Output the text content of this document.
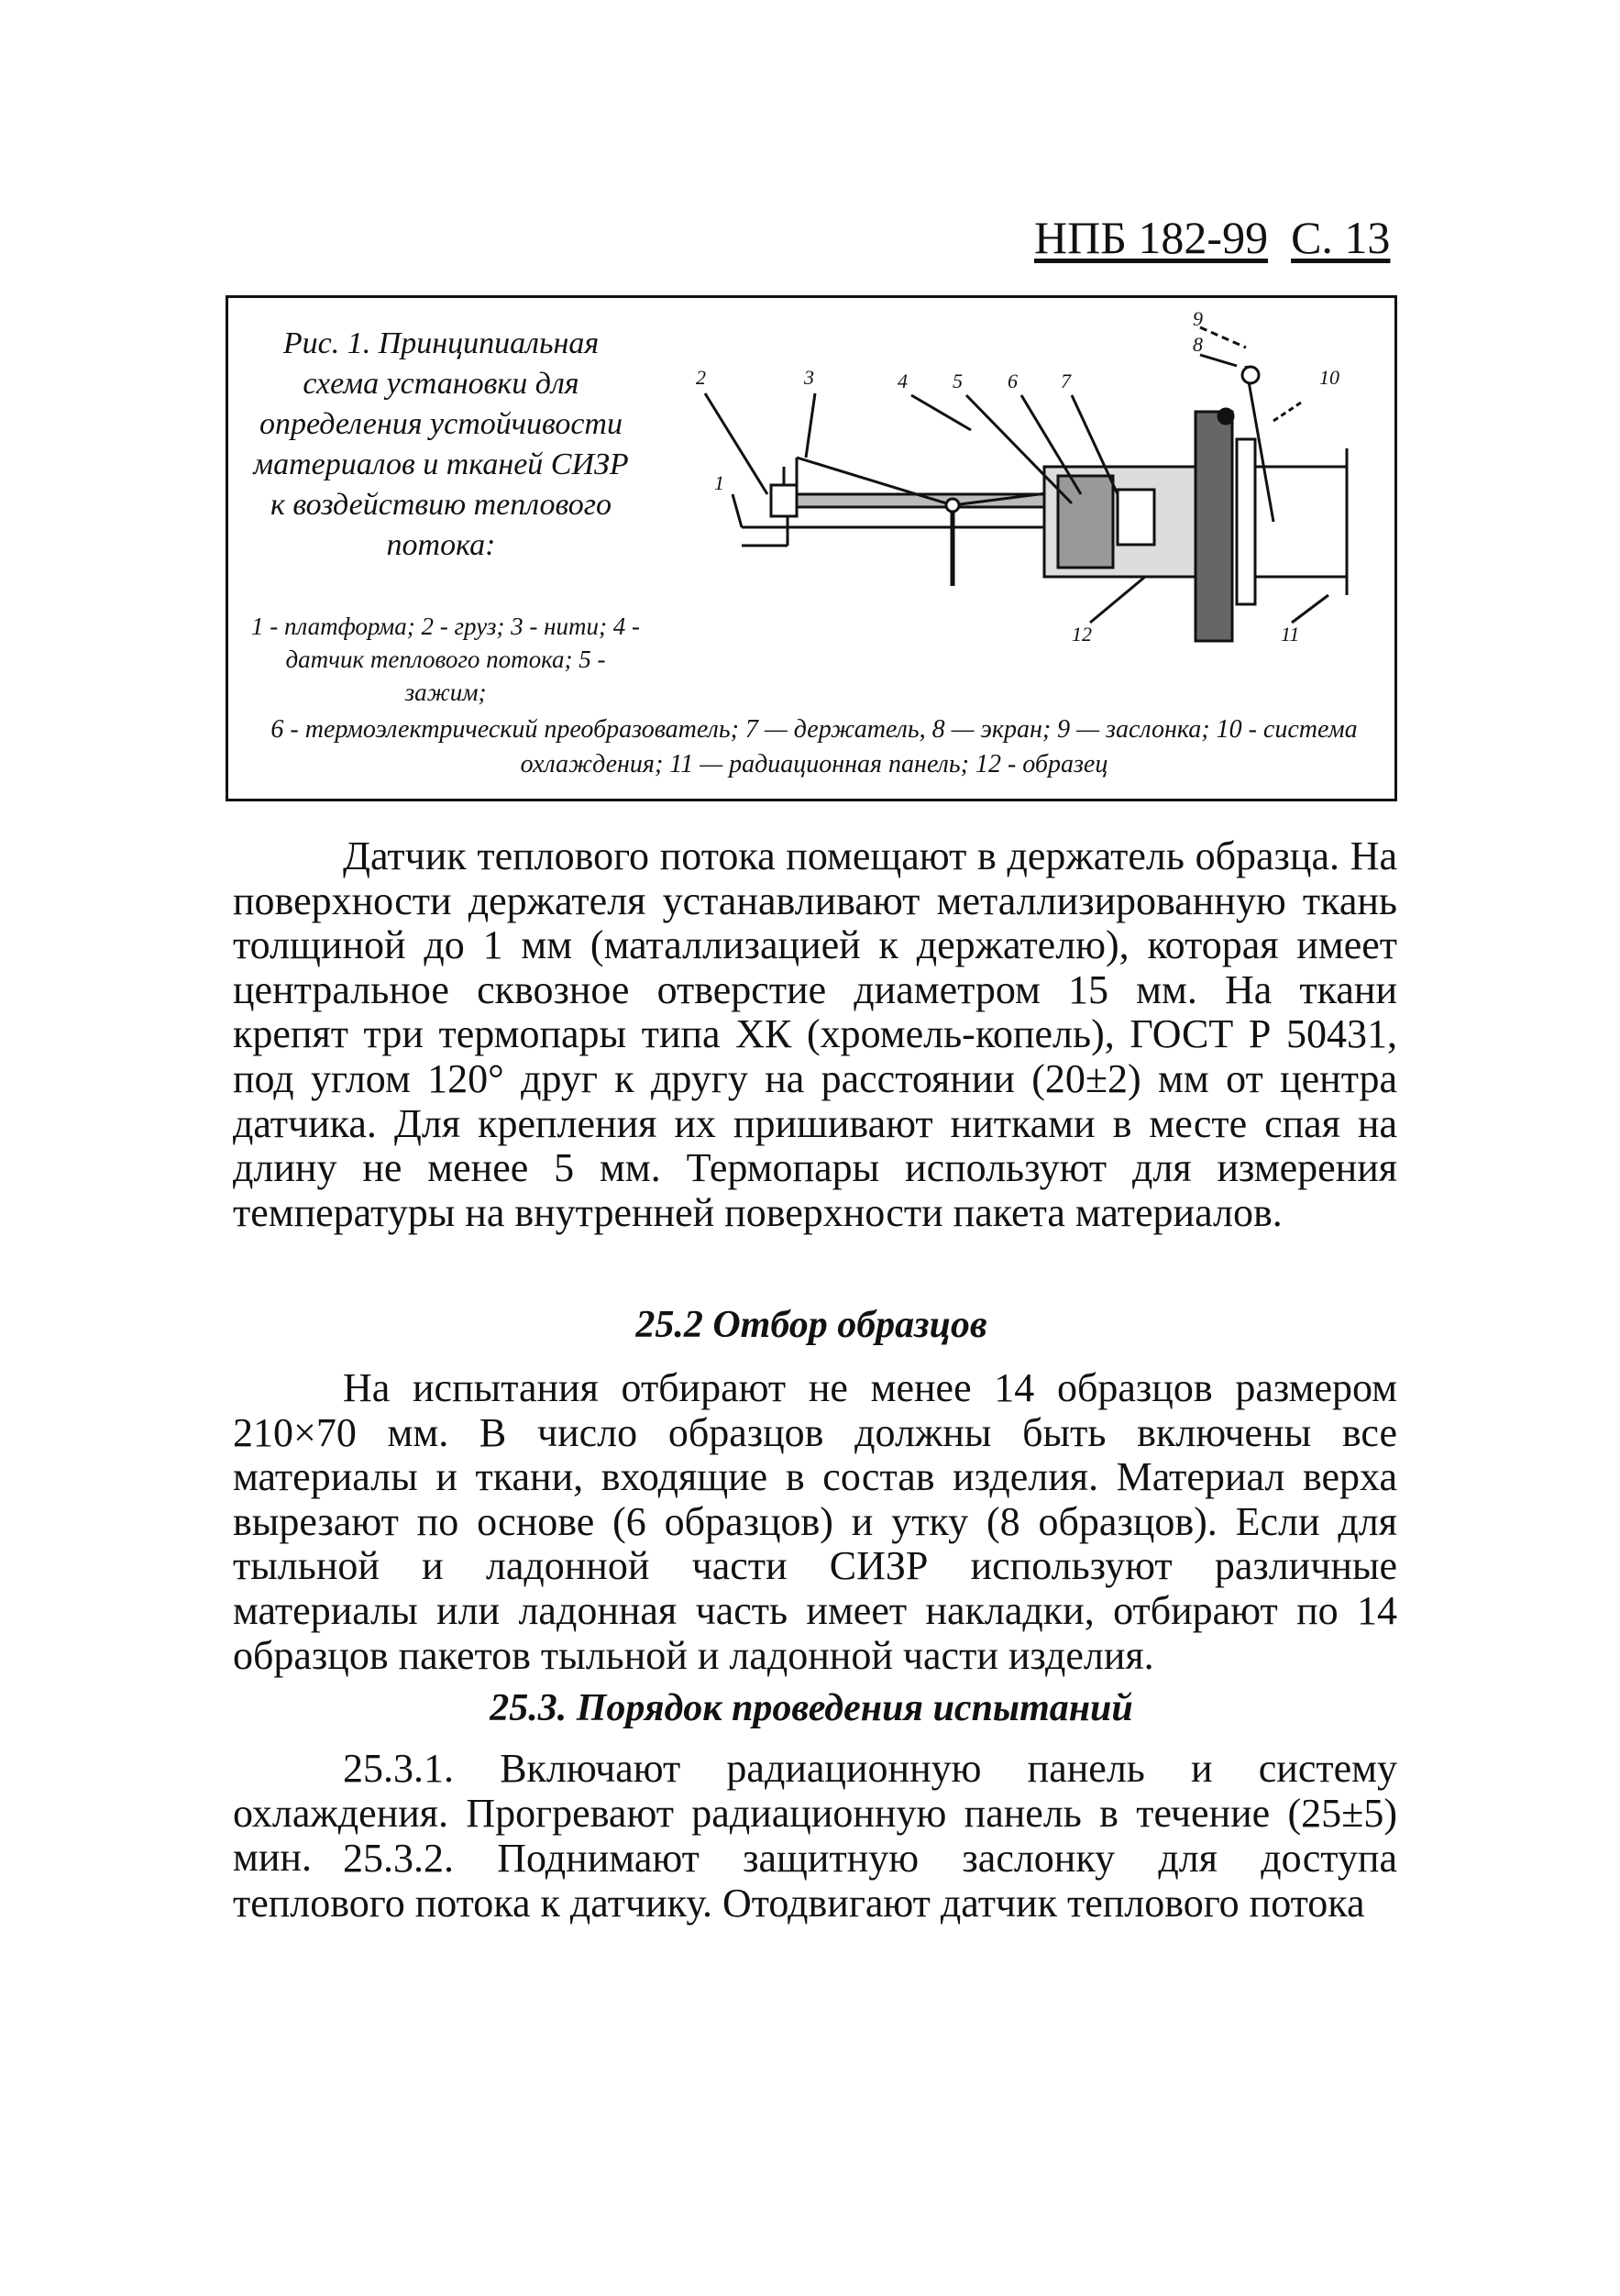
НПБ 182-99 С. 13
Рис. 1. Принципиальная схема установки для определения устойчивости материалов и тканей СИЗР к воздействию теплового потока:
1 - платформа; 2 - груз; 3 - нити; 4 - датчик теплового потока; 5 - зажим;
2	3	4 5 6 7
8
9
10
1
12	11
6 - термоэлектрический преобразователь; 7 — держатель, 8 — экран; 9 — заслонка; 10 - система охлаждения; 11 — радиационная панель; 12 - образец

Датчик теплового потока помещают в держатель образца. На поверхности держателя устанавливают металлизированную ткань толщиной до 1 мм (маталлизацией к держателю), которая имеет центральное сквозное отверстие диаметром 15 мм. На ткани крепят три термопары типа ХК (хромель-копель), ГОСТ Р 50431, под углом 120° друг к другу на расстоянии (20±2) мм от центра датчика. Для крепления их пришивают нитками в месте спая на длину не менее 5 мм. Термопары используют для измерения температуры на внутренней поверхности пакета материалов.

25.2 Отбор образцов

На испытания отбирают не менее 14 образцов размером 210×70 мм. В число образцов должны быть включены все материалы и ткани, входящие в состав изделия. Материал верха вырезают по основе (6 образцов) и утку (8 образцов). Если для тыльной и ладонной части СИЗР используют различные материалы или ладонная часть имеет накладки, отбирают по 14 образцов пакетов тыльной и ладонной части изделия.

25.3. Порядок проведения испытаний

25.3.1. Включают радиационную панель и систему охлаждения. Прогревают радиационную панель в течение (25±5) мин. 25.3.2. Поднимают защитную заслонку для доступа теплового потока к датчику. Отодвигают датчик теплового потока
